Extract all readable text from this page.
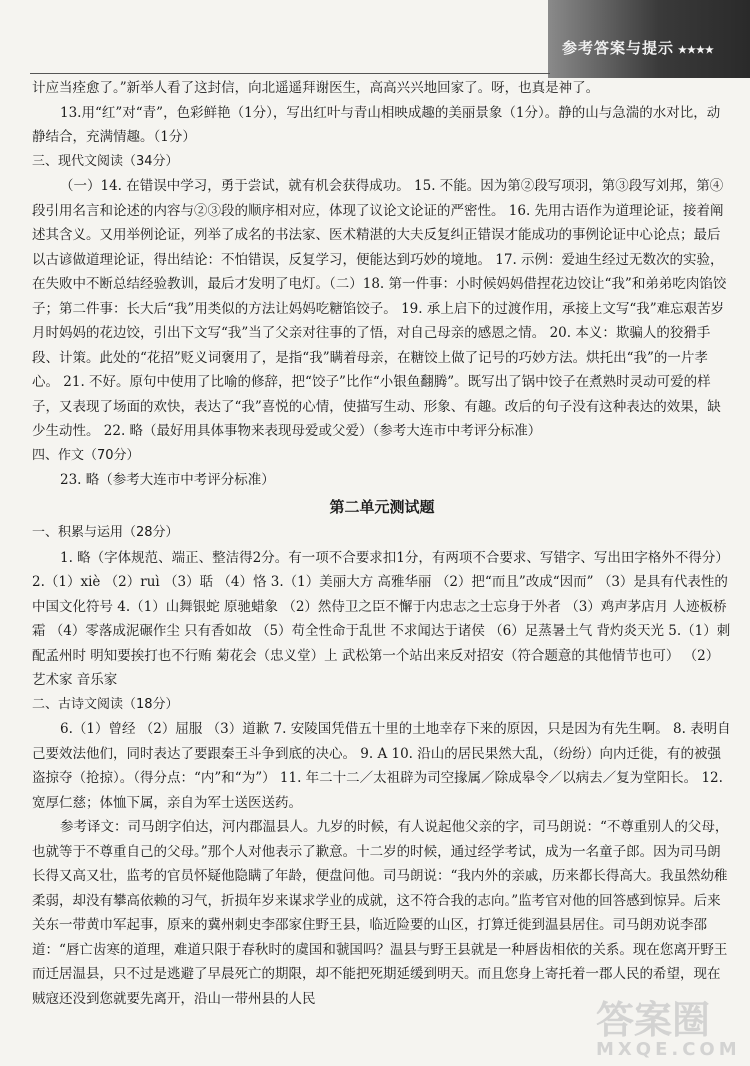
参考答案与提示 ★★★★

计应当痊愈了。”新举人看了这封信，向北遥遥拜谢医生，高高兴兴地回家了。呀，也真是神了。

13.用“红”对“青”，色彩鲜艳（1分），写出红叶与青山相映成趣的美丽景象（1分）。静的山与急湍的水对比，动静结合，充满情趣。（1分）

三、现代文阅读（34分）

（一）14. 在错误中学习，勇于尝试，就有机会获得成功。 15. 不能。因为第②段写项羽，第③段写刘邦，第④段引用名言和论述的内容与②③段的顺序相对应，体现了议论文论证的严密性。 16. 先用古语作为道理论证，接着阐述其含义。又用举例论证，列举了成名的书法家、医术精湛的大夫反复纠正错误才能成功的事例论证中心论点；最后以古谚做道理论证，得出结论：不怕错误，反复学习，便能达到巧妙的境地。 17. 示例：爱迪生经过无数次的实验，在失败中不断总结经验教训，最后才发明了电灯。（二）18. 第一件事：小时候妈妈借捏花边饺让“我”和弟弟吃肉馅饺子；第二件事：长大后“我”用类似的方法让妈妈吃糖馅饺子。 19. 承上启下的过渡作用，承接上文写“我”难忘艰苦岁月时妈妈的花边饺，引出下文写“我”当了父亲对往事的了悟，对自己母亲的感恩之情。 20. 本义：欺骗人的狡猾手段、计策。此处的“花招”贬义词褒用了，是指“我”瞒着母亲，在糖饺上做了记号的巧妙方法。烘托出“我”的一片孝心。 21. 不好。原句中使用了比喻的修辞，把“饺子”比作“小银鱼翻腾”。既写出了锅中饺子在煮熟时灵动可爱的样子，又表现了场面的欢快，表达了“我”喜悦的心情，使描写生动、形象、有趣。改后的句子没有这种表达的效果，缺少生动性。 22. 略（最好用具体事物来表现母爱或父爱）（参考大连市中考评分标准）

四、作文（70分）

23. 略（参考大连市中考评分标准）

第二单元测试题

一、积累与运用（28分）

1. 略（字体规范、端正、整洁得2分。有一项不合要求扣1分，有两项不合要求、写错字、写出田字格外不得分） 2.（1）xiè （2）ruì （3）聒 （4）恪 3.（1）美丽大方 高雅华丽 （2）把“而且”改成“因而” （3）是具有代表性的中国文化符号 4.（1）山舞银蛇 原驰蜡象 （2）然侍卫之臣不懈于内忠志之士忘身于外者 （3）鸡声茅店月 人迹板桥霜 （4）零落成泥碾作尘 只有香如故 （5）苟全性命于乱世 不求闻达于诸侯 （6）足蒸暑土气 背灼炎天光 5.（1）刺配孟州时 明知要挨打也不行贿 菊花会（忠义堂）上 武松第一个站出来反对招安（符合题意的其他情节也可） （2）艺术家 音乐家

二、古诗文阅读（18分）

6.（1）曾经 （2）屈服 （3）道歉 7. 安陵国凭借五十里的土地幸存下来的原因，只是因为有先生啊。 8. 表明自己要效法他们，同时表达了要跟秦王斗争到底的决心。 9. A 10. 沿山的居民果然大乱，（纷纷）向内迁徙，有的被强盗掠夺（抢掠）。（得分点：“内”和“为”） 11. 年二十二／太祖辟为司空掾属／除成皋令／以病去／复为堂阳长。 12. 宽厚仁慈；体恤下属，亲自为军士送医送药。

参考译文：司马朗字伯达，河内郡温县人。九岁的时候，有人说起他父亲的字，司马朗说：“不尊重别人的父母，也就等于不尊重自己的父母。”那个人对他表示了歉意。十二岁的时候，通过经学考试，成为一名童子郎。因为司马朗长得又高又壮，监考的官员怀疑他隐瞒了年龄，便盘问他。司马朗说：“我内外的亲戚，历来都长得高大。我虽然幼稚柔弱，却没有攀高依赖的习气，折损年岁来谋求学业的成就，这不符合我的志向。”监考官对他的回答感到惊异。后来关东一带黄巾军起事，原来的冀州刺史李邵家住野王县，临近险要的山区，打算迁徙到温县居住。司马朗劝说李邵道：“唇亡齿寒的道理，难道只限于春秋时的虞国和虢国吗？温县与野王县就是一种唇齿相依的关系。现在您离开野王而迁居温县，只不过是逃避了早晨死亡的期限，却不能把死期延缓到明天。而且您身上寄托着一郡人民的希望，现在贼寇还没到您就要先离开，沿山一带州县的人民	答案圈
MXQE.COM
